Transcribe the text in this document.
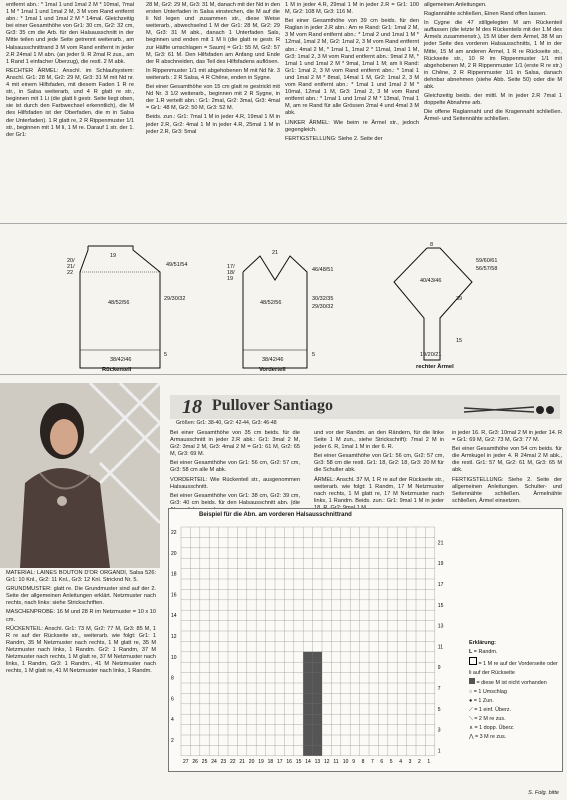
entfernt abn.: * 1mal 1 und 1mal 2 M * 10mal, 7mal 1 M * 1mal 1 und 1mal 2 M, 3 M vom Rand entfernt abn.: * 1mal 1 und 1mal 2 M * 14mal. Gleichzeitig bei einer Gesamthöhe von Gr1: 30 cm, Gr2: 32 cm, Gr3: 35 cm die Arb. für den Halsausschnitt in der Mitte teilen und jede Seite getrennt weiterarb., am Halsausschnittrand 3 M vom Rand entfernt in jeder 2.R 24mal 1 M abn. (an jeder 9. R 2mal R zus., am 1 Rand 1 einfacher Überzug), die restl. 2 M abk.

RECHTER ÄRMEL: Anschl. im Schlaufsystem: Anschl. Gr1: 28 M, Gr2: 29 M, Gr3: 31 M mit Nd nr. 4 mit einem Hilfsfaden, mit diesem Faden 1 R re str., in Salsa weiterarb, und 4 R glatt re str., beginnen mit 1 Li (die glatt li gestr. Seite liegt oben, sie ist durch den Farbwechsel erkenntlich), die M des Hilfsfaden ist der Oberfaden, die m in Salsa der Unterfaden). 1 R glatt re, 2 R Rippenmuster 1/1 str., beginnen mit 1 M li, 1 M re. Darauf 1 str. der 1. der Gr1:

28 M, Gr2: 29 M, Gr3: 31 M, danach mit der Nd in den ersten Unterfaden in Salsa einstechen, die M auf die li Nd legen und zusammen str., diese Weise weiterarb., abwechselnd 1 M der Gr1: 28 M, Gr2: 29 M, Gr3: 31 M abk., danach 1 Unterfaden Sals, beginnen und enden mit 1 M li (die glatt re gestr. R zur Hälfte umschlagen = Saum) = Gr1: 55 M, Gr2: 57 M, Gr3: 61 M. Den Hilfsfaden am Anfang und Ende der R abschneiden, das Teil des Hilfsfadens auflösen.

In Rippenmuster 1/1 mit abgehobenen M mit Nd Nr. 3 weiterarb.: 2 R Salsa, 4 R Chêne, enden in Sygne.

Bei einer Gesamthöhe von 15 cm glatt re gestrickt mit Nd Nr. 3 1/2 weiterarb., beginnen mit 2 R Sygne, in der 1.R verteilt abn.: Gr1: 2mal, Gr2: 3mal, Gr3: 4mal = Gr1: 48 M, Gr2: 50 M, Gr3: 52 M.

Beids. zun.: Gr1: 7mal 1 M in jeder 4.R, 19mal 1 M in jeder 2.R, Gr2: 4mal 1 M in jeder 4.R, 25mal 1 M in jeder 2.R, Gr3: 5mal

1 M in jeder 4.R, 29mal 1 M in jeder 2.R = Gr1: 100 M, Gr2: 108 M, Gr3: 116 M.

Bei einer Gesamthöhe von 39 cm beids. für den Raglan in jeder 2.R abn.: Am re Rand: Gr1: 1mal 2 M, 3 M vom Rand entfernt abn.: * 1mal 2 und 1mal 1 M * 12mal, 1mal 2 M, Gr2: 1mal 2, 3 M vom Rand entfernt abn.: 4mal 2 M, * 1mal 1, 1mal 2 * 11mal, 1mal 1 M, Gr3: 1mal 2, 3 M vom Rand entfernt abn.: 9mal 2 M, * 1mal 1 und 1mal 2 M * 9mal, 1mal 1 M; am li Rand: Gr1: 1mal 2, 3 M vom Rand entfernt abn.: * 1mal 1 und 1mal 2 M * 8mal, 14mal 1 M, Gr2: 1mal 2, 3 M vom Rand entfernt abn.: * 1mal 1 und 1mal 2 M * 10mal, 12mal 1 M, Gr3: 1mal 2, 3 M vom Rand entfernt abn.: * 1mal 1 und 1mal 2 M * 13mal, 7mal 1 M, am re Rand für alle Grössen 2mal 4 und 4mal 3 M abk.

LINKER ÄRMEL: Wie beim re Ärmel str., jedoch gegengleich.

FERTIGSTELLUNG: Siehe 2. Seite der

allgemeinen Anleitungen.

Raglannähte schließen, Einen Rand offen lassen.

In Cygne die 47 stillgelegten M am Rückenteil auffassen (die letzte M des Rückenteils mit der 1.M des Ärmels zusammenstr.), 15 M über dem Ärmel, 38 M an jeder Seite des vorderen Halsausschnitts, 1 M in der Mitte, 15 M am anderen Ärmel, 1 R re Rückseite str., Rückseite str., 10 R im Rippenmuster 1/1 mit abgehobenen M, 2 R Rippenmuster 1/1 (erste R re str.) in Chêne, 2 R Rippenmuster 1/1 in Salsa, danach dehnbar abnehmen (siehe Abb. Seite 50) oder die M abk.

Gleichzeitig beids. der mittl. M in jeder 2.R 7mal 1 doppelte Abnahme arb.

Die offene Raglannaht und die Kragennaht schließen. Ärmel- und Seitennähte schließen.

19
49/51/54
20/
21/
22
48/52/56
29/30/32
5
38/42/46
Rückenteil
21
17/
18/
19
46/48/51
48/52/56
30/32/35
29/30/32
5
38/42/46
Vorderteil
8
59/60/61
56/57/58
40/43/46
39
15
19/20/21
rechter Ärmel
18 Pullover Santiago
Größen: Gr1: 38-40, Gr2: 42-44, Gr3: 46-48

MATERIAL: LAINES BOUTON D'OR ORGANDI, Salsa 526: Gr1: 10 Knl., Gr2: 11 Knl., Gr3: 12 Knl. Stricknd Nr. 5.

GRUNDMUSTER: glatt re. Die Grundmuster sind auf der 2. Seite der allgemeinen Anleitungen erklärt. Netzmuster nach rechts, nach links: siehe Strickschriften.

MASCHENPROBE: 16 M und 28 R im Netzmuster = 10 x 10 cm.

RÜCKENTEIL: Anschl. Gr1: 73 M, Gr2: 77 M, Gr3: 85 M, 1 R re auf der Rückseite str., weiterarb. wie folgt: Gr1: 1 Randm, 35 M Netzmuster nach rechts, 1 M glatt re, 35 M Netzmuster nach links, 1 Randm. Gr2: 1 Randm, 37 M Netzmuster nach rechts, 1 M glatt re, 37 M Netzmuster nach links, 1 Randm, Gr3: 1 Randm., 41 M Netzmuster nach rechts, 1 M glatt re, 41 M Netzmuster nach links, 1 Randm.

Bei einer Gesamthöhe von 35 cm beids. für die Armausschnitt in jeder 2.R abk.: Gr1: 3mal 2 M, Gr2: 3mal 2 M, Gr3: 4mal 2 M = Gr1: 61 M, Gr2: 65 M, Gr3: 69 M.

Bei einer Gesamthöhe von Gr1: 56 cm, Gr2: 57 cm, Gr3: 58 cm alle M abk.

VORDERTEIL: Wie Rückenteil str., ausgenommen Halsausschnitt.

Bei einer Gesamthöhe von Gr1: 38 cm, Gr2: 39 cm, Gr3: 40 cm beids. für den Halsausschnitt abn. (die

und vor der Randm. an den Rändern, für die linke Seite 1 M zun., siehe Strickschrift): 7mal 2 M in jeder 6. R, 1mal 1 M in der 6. R.

Bei einer Gesamthöhe von Gr1: 56 cm, Gr2: 57 cm, Gr3: 58 cm die restl. Gr1: 18, Gr2: 18, Gr3: 20 M für die Schulter abk.

ÄRMEL: Anschl. 37 M, 1 R re auf der Rückseite str., weiterarb. wie folgt: 1 Randm, 17 M Netzmuster nach rechts, 1 M glatt re, 17 M Netzmuster nach links, 1 Randm. Beids. zun.: Gr1: 9mal 1 M in jeder

in jeder 16. R, Gr3: 10mal 2 M in jeder 14. R = Gr1: 69 M, Gr2: 73 M, Gr3: 77 M.

Bei einer Gesamthöhe von 54 cm beids. für die Armkugel in jeder 4. R 24mal 2 M abk., die restl. Gr1: 57 M, Gr2: 61 M, Gr3: 65 M abk.

FERTIGSTELLUNG: Siehe 2. Seite der allgemeinen Anleitungen. Schulter- und Seitennähte schließen. Ärmelnähte schließen, Ärmel einsetzen.

Beispiel für die Abn. am vorderen Halsausschnittrand
27 26 25 24 23 22 21 20 19 18 17 16 15 14 13 12 11 10 9 8 7 6 5 4 3 2 1
22
20
18
16
14
12
10
8
6
4
2
21
19
17
15
13
11
9
7
5
3
1
Erklärung:
L = Randm.
= 1 M re auf der Vorderseite oder li auf der Rückseite
= diese M ist nicht vorhanden
○ = 1 Umschlag
● = 1 Zun.
⟋ = 1 einf. Überz.
⟍ = 2 M re zus.
∧ = 1 dopp. Überz.
⋀ = 3 M re zus.
S. Folg. bitte
